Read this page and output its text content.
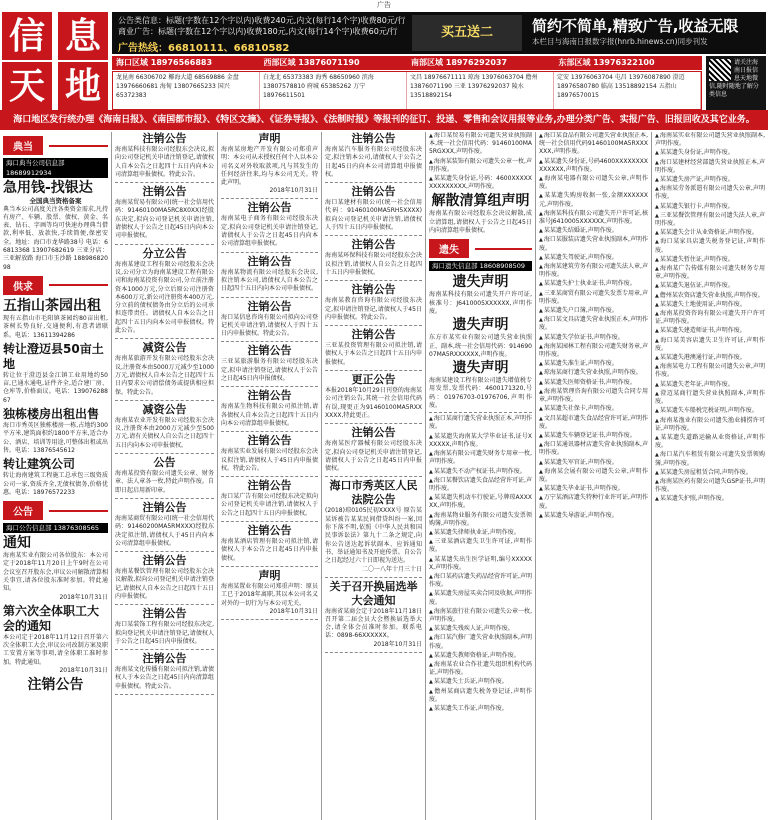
广告
信 息
天 地
公告类信息：标题(字数在12个字以内)收费240元,内文(每行14个字)收费80元/行
商业广告：标题(字数在12个字以内)收费180元,内文(每行14个字)收费60元/行
广告热线：66810111、66810582
买五送二	简约不简单,精致广告,收益无限
本栏目与海南日报数字报(hnrb.hinews.cn)同步刊发
海口区域 18976566883	西部区域 13876071190	南部区域 18976292037	东部区域 13976322100
龙昆南 66306702 椰海大道 68569886 金盘 13976660681 海甸 13807665233 国兴 65372383
白龙北 65373383 海秀 68650960 滨海 13807578810 府城 65385262 万宁 18976611501
文昌 18976671111 琼海 13976063704 儋州 13876071190 三亚 13976292037 陵水 13518892154
定安 13976063704 屯昌 13976087890 澄迈 18976580780 临高 13518892154 五指山 18976570015
请关注海南日报信息天地微信,随时随地了解分类信息
海口地区发行统办理《海南日报》、《南国都市报》、《特区文摘》、《证券导报》、《法制时报》等报刊的征订、投递、零售和会议用报等业务,办理分类广告、实报广告、旧报回收及其它业务。
典当
海口典当公司信息部 18689912934
急用钱-找银达
全国典当资格备案
典当本公司高度关注各类资金需求,凡持有房产、车辆、股票、债权、黄金、名表、钻石、字画等均可快速办理典当借款,利率低、放款快,手续简便,保密安全。地址：海口市龙华路38号 电话：66813368 13907682619 三亚分店：三亚解放路 海口市玉沙路 18898682098
供求
五指山茶园出租
现有五指山市毛阳镇茶园约80亩出租,茶树长势良好,交通便利,有意者请联系。电话：13611394286
转让澄迈县50亩土地
转让位于澄迈县金江镇工业用地约50亩,已通水通电,证件齐全,适合建厂房、仓库等,价格面议。电话：13907628867
独栋楼房出租出售
海口市秀英区独栋楼房一栋,占地约300平方米,建筑面积约1800平方米,适合办公、酒店、培训等用途,可整体出租或出售。电话：13876545612
转让建筑公司
转让海南建筑工程施工总承包三级资质公司一家,资质齐全,无债权债务,价格优惠。电话：18976572233
公告
海口公告信息部 13876308565
通知
海南某实业有限公司各位股东：本公司定于2018年11月20日上午9时在公司会议室召开股东会,审议公司解散清算相关事宜,请各位股东准时参加。特此通知。
2018年10月31日
第六次全体职工大会的通知
本公司定于2018年11月12日召开第六次全体职工大会,审议公司改制方案及职工安置方案等事项,请全体职工准时参加。特此通知。
2018年10月31日
注销公告
注销公告
海南某科技有限公司经股东会决议,拟向公司登记机关申请注销登记,请债权人自本公告之日起四十五日内向本公司清算组申报债权。特此公告。
注销公告
海南某贸易有限公司(统一社会信用代码：91460100MA5RC8X0XX)经股东决定,拟向公司登记机关申请注销,请债权人于公告之日起45日内向本公司申报债权。
分立公告
海南某建设工程有限公司经股东会决议,公司分立为海南某建设工程有限公司和海南某投资有限公司,分立前注册资本1000万元,分立后原公司注册资本600万元,新公司注册资本400万元,分立前的债权债务由分立后的公司承担连带责任。请债权人自本公告之日起四十五日内向本公司申报债权。特此公告。
减资公告
海南某旅游开发有限公司经股东会决议,注册资本由5000万元减少至1000万元,请债权人自本公告之日起四十五日内要求公司清偿债务或提供相应担保。特此公告。
减资公告
海南某农业开发有限公司经股东会决议,注册资本由2000万元减少至500万元,请有关债权人自公告之日起四十五日内向本公司申报债权。
公告
海南某投资有限公司遗失公章、财务章、法人章各一枚,特此声明作废。自即日起启用新印章。
注销公告
海南某商贸有限公司(统一社会信用代码：91460200MA5RMXXX)经股东决定拟注销,请债权人于45日内向本公司清算组申报债权。
注销公告
海南某餐饮管理有限公司经股东会决议解散,拟向公司登记机关申请注销登记,请债权人自本公告之日起四十五日内申报债权。
注销公告
海口某装饰工程有限公司经股东决定,拟向登记机关申请注销登记,请债权人于公告之日起45日内申报债权。
注销公告
海南某文化传播有限公司拟注销,请债权人于本公告之日起45日内向清算组申报债权。特此公告。
声明
海南某房地产开发有限公司郑重声明：本公司从未授权任何个人以本公司名义对外收取款项,凡与其发生的任何经济往来,均与本公司无关。特此声明。
2018年10月31日
注销公告
海南某电子商务有限公司经股东决定,拟向公司登记机关申请注销登记,请债权人于公告之日起45日内向本公司清算组申报债权。
注销公告
海南某物流有限公司经股东会决议,拟注销本公司,请债权人自本公告之日起四十五日内向本公司申报债权。
注销公告
海口某信息咨询有限公司拟向公司登记机关申请注销,请债权人于四十五日内申报债权。特此公告。
注销公告
三亚某旅游服务有限公司经股东决定,拟申请注销登记,请债权人于公告之日起45日内申报债权。
注销公告
海南某生物科技有限公司拟注销,请各债权人自本公告之日起四十五日内向本公司清算组申报债权。
注销公告
海南某实业发展有限公司经股东会决议拟注销,请债权人于45日内申报债权。特此公告。
注销公告
海口某广告有限公司经股东决定拟向公司登记机关申请注销,请债权人于公告之日起四十五日内申报债权。
注销公告
海南某酒店管理有限公司拟注销,请债权人于本公告之日起45日内申报债权。
声明
海南某置业有限公司郑重声明：原员工已于2018年离职,其以本公司名义对外的一切行为与本公司无关。
2018年10月31日
注销公告
海南某汽车服务有限公司经股东决定,拟注销本公司,请债权人于公告之日起45日内向本公司清算组申报债权。
注销公告
海口某建材有限公司(统一社会信用代码：91460100MA5RH5XXXX)拟向公司登记机关申请注销,请债权人于四十五日内申报债权。
注销公告
海南某环保科技有限公司经股东会决议拟注销,请债权人自公告之日起四十五日内申报债权。
注销公告
海南某教育咨询有限公司经股东决定,拟申请注销登记,请债权人于45日内申报债权。特此公告。
注销公告
三亚某投资管理有限公司拟注销,请债权人于本公告之日起四十五日内申报债权。
更正公告
本报2018年10月29日刊登的海南某公司注销公告,其统一社会信用代码有误,现更正为91460100MA5RXXXXXX,特此更正。
注销公告
海南某医疗器械有限公司经股东决定,拟向公司登记机关申请注销登记,请债权人于公告之日起45日内申报债权。
海口市秀英区人民法院公告
(2018)琼0105民初XXXX号 原告某某诉被告某某民间借贷纠纷一案,因你下落不明,依照《中华人民共和国民事诉讼法》第九十二条之规定,向你公告送达起诉状副本、应诉通知书、举证通知书及开庭传票。自公告之日起经过六十日即视为送达。
二〇一八年十月三十日
关于召开换届选举大会通知
海南省某商会定于2018年11月18日召开第二届会员大会暨换届选举大会,请全体会员准时参加。联系电话：0898-66XXXXXX。
2018年10月31日
▲ 海口某贸易有限公司遗失营业执照副本,统一社会信用代码：91460100MA5RGXXX,声明作废。
▲ 海南某装饰有限公司遗失公章一枚,声明作废。
▲ 某某遗失身份证,号码：4600XXXXXXXXXXXXXX,声明作废。
解散清算组声明
海南某有限公司经股东会决议解散,成立清算组,请债权人于公告之日起45日内向清算组申报债权。
遗失
海口遗失信息部 18608908509
遗失声明
海南某科技有限公司遗失开户许可证,核准号：J6410005XXXXXX,声明作废。
遗失声明
东方市某实业有限公司遗失营业执照正、副本,统一社会信用代码：91469007MA5RXXXXXX,声明作废。
遗失声明
海南某建设工程有限公司遗失增值税专用发票,发票代码：4600171320,号码：01976703-01976706,声明作废。
▲ 海口某商行遗失营业执照正本,声明作废。
▲ 某某遗失海南某大学毕业证书,证号XXXXXX,声明作废。
▲ 海南某有限公司遗失财务专用章一枚,声明作废。
▲ 某某遗失不动产权证书,声明作废。
▲ 海口某餐饮店遗失食品经营许可证,声明作废。
▲ 某某遗失机动车行驶证,号牌琼AXXXXX,声明作废。
▲ 海南某物业服务有限公司遗失发票领购簿,声明作废。
▲ 某某遗失律师执业证,声明作废。
▲ 三亚某酒店遗失卫生许可证,声明作废。
▲ 某某遗失出生医学证明,编号XXXXXX,声明作废。
▲ 海口某药店遗失药品经营许可证,声明作废。
▲ 某某遗失房屋买卖合同及收据,声明作废。
▲ 海南某旅行社有限公司遗失公章一枚,声明作废。
▲ 某某遗失残疾人证,声明作废。
▲ 海口某汽修厂遗失营业执照副本,声明作废。
▲ 某某遗失教师资格证,声明作废。
▲ 海南某农业合作社遗失组织机构代码证,声明作废。
▲ 某某遗失士兵证,声明作废。
▲ 儋州某商店遗失税务登记证,声明作废。
▲ 某某遗失工作证,声明作废。
▲ 海口某食品有限公司遗失营业执照正本,统一社会信用代码91460100MA5RXXXXXX,声明作废。
▲ 某某遗失身份证,号码4600XXXXXXXXXXXXXX,声明作废。
▲ 海南某电器有限公司遗失公章,声明作废。
▲ 某某遗失购房收据一张,金额XXXXXX元,声明作废。
▲ 海南某科技有限公司遗失开户许可证,核准号J6410005XXXXXX,声明作废。
▲ 某某遗失结婚证,声明作废。
▲ 海口某服装店遗失营业执照副本,声明作废。
▲ 某某遗失驾驶证,声明作废。
▲ 海南某建筑劳务有限公司遗失法人章,声明作废。
▲ 某某遗失护士执业证书,声明作废。
▲ 三亚某商贸有限公司遗失发票专用章,声明作废。
▲ 某某遗失户口簿,声明作废。
▲ 海口某文具店遗失营业执照正本,声明作废。
▲ 某某遗失学位证书,声明作废。
▲ 海南某园林工程有限公司遗失财务章,声明作废。
▲ 某某遗失准生证,声明作废。
▲ 琼海某商行遗失营业执照,声明作废。
▲ 某某遗失医师资格证书,声明作废。
▲ 海南某管理咨询有限公司遗失合同专用章,声明作废。
▲ 某某遗失社保卡,声明作废。
▲ 文昌某超市遗失食品经营许可证,声明作废。
▲ 某某遗失车辆登记证书,声明作废。
▲ 海口某通讯器材店遗失营业执照副本,声明作废。
▲ 某某遗失军官证,声明作废。
▲ 海南某会展有限公司遗失公章,声明作废。
▲ 某某遗失毕业证书,声明作废。
▲ 万宁某酒店遗失特种行业许可证,声明作废。
▲ 某某遗失导游证,声明作废。
▲ 海南某实业有限公司遗失营业执照副本,声明作废。
▲ 某某遗失身份证,声明作废。
▲ 海口某建材经营部遗失营业执照正本,声明作废。
▲ 某某遗失房产证,声明作废。
▲ 海南某劳务派遣有限公司遗失公章,声明作废。
▲ 某某遗失银行卡,声明作废。
▲ 三亚某餐饮管理有限公司遗失法人章,声明作废。
▲ 某某遗失会计从业资格证,声明作废。
▲ 海口某家具店遗失税务登记证,声明作废。
▲ 某某遗失暂住证,声明作废。
▲ 海南某广告传媒有限公司遗失财务专用章,声明作废。
▲ 某某遗失退伍证,声明作废。
▲ 儋州某农资店遗失营业执照,声明作废。
▲ 某某遗失土地使用证,声明作废。
▲ 海南某投资咨询有限公司遗失开户许可证,声明作废。
▲ 某某遗失建造师证书,声明作废。
▲ 海口某美容店遗失卫生许可证,声明作废。
▲ 某某遗失港澳通行证,声明作废。
▲ 海南某电力工程有限公司遗失公章,声明作废。
▲ 某某遗失老年证,声明作废。
▲ 澄迈某商行遗失营业执照副本,声明作废。
▲ 某某遗失车船税完税证明,声明作废。
▲ 海南某渔业有限公司遗失渔业捕捞许可证,声明作废。
▲ 某某遗失道路运输从业资格证,声明作废。
▲ 海口某汽车租赁有限公司遗失发票领购簿,声明作废。
▲ 某某遗失房屋租赁合同,声明作废。
▲ 海南某医药有限公司遗失GSP证书,声明作废。
▲ 某某遗失护照,声明作废。
